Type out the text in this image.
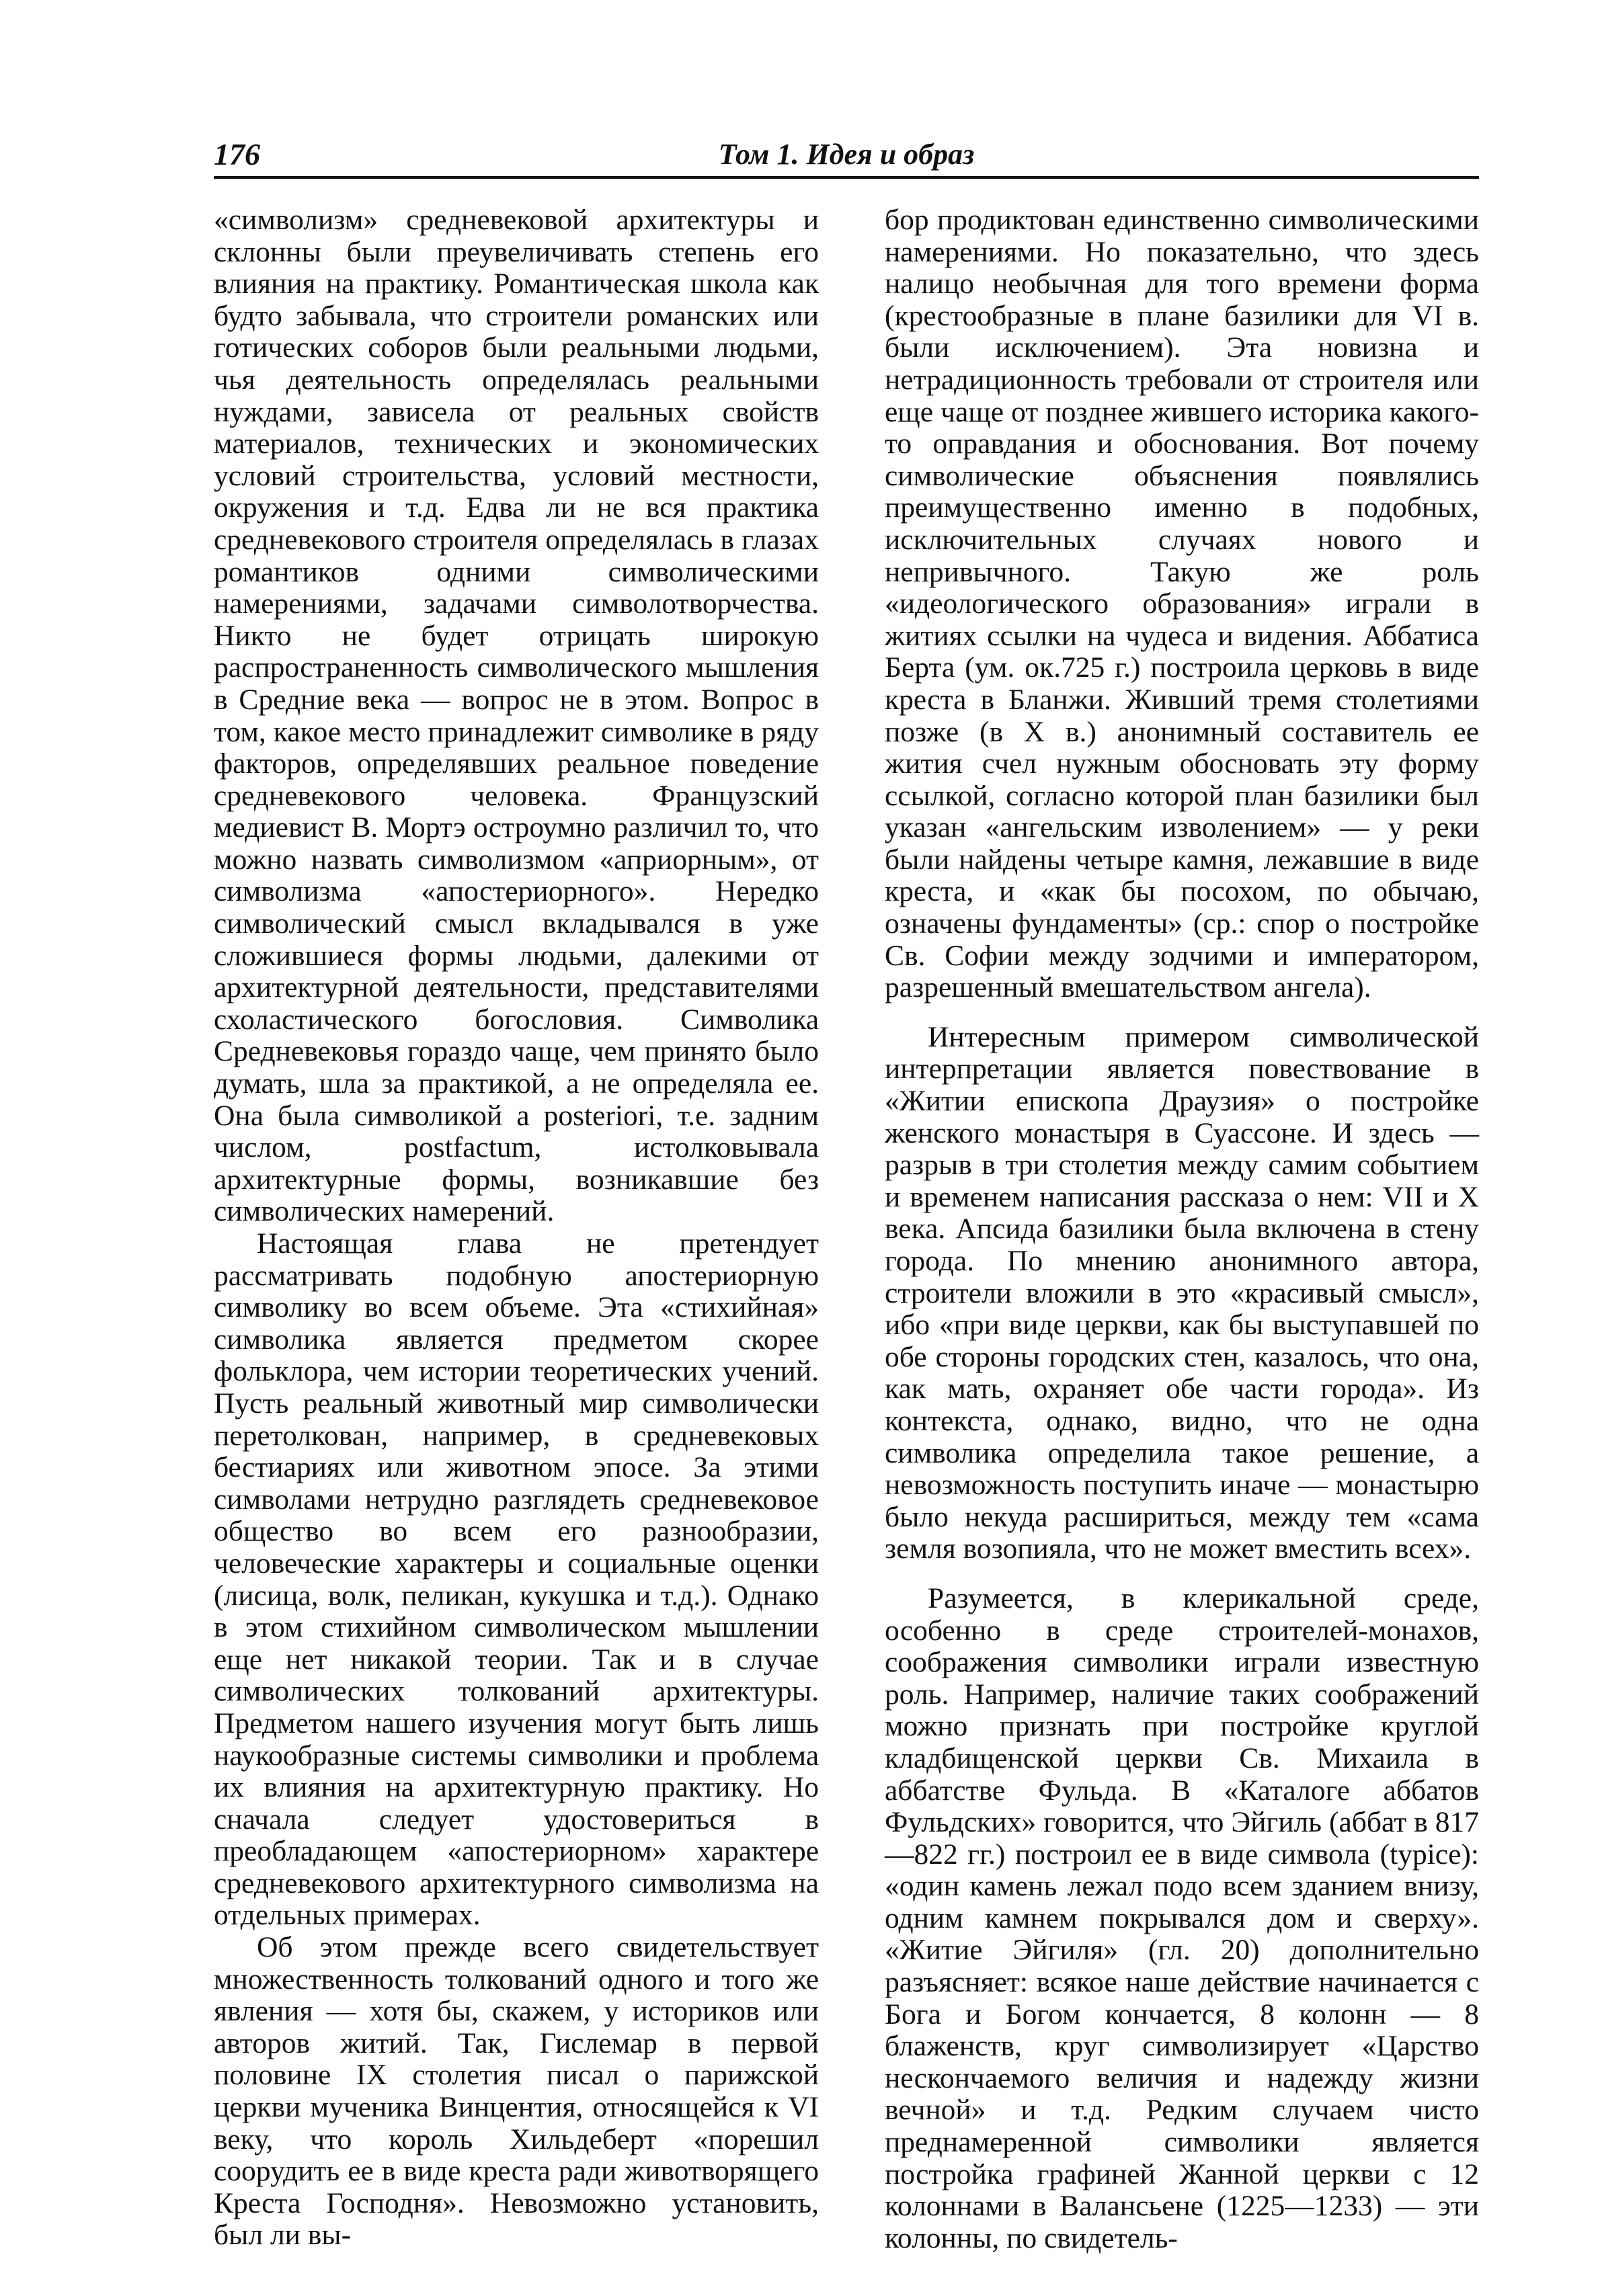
176	Том 1. Идея и образ

«символизм» средневековой архитектуры и склонны были преувеличивать степень его влияния на практику. Романтическая школа как будто забывала, что строители романских или готических соборов были реальными людьми, чья деятельность определялась реальными нуждами, зависела от реальных свойств материалов, технических и экономических условий строительства, условий местности, окружения и т.д. Едва ли не вся практика средневекового строителя определялась в глазах романтиков одними символическими намерениями, задачами символотворчества. Никто не будет отрицать широкую распространенность символического мышления в Средние века — вопрос не в этом. Вопрос в том, какое место принадлежит символике в ряду факторов, определявших реальное поведение средневекового человека. Французский медиевист В. Мортэ остроумно различил то, что можно назвать символизмом «априорным», от символизма «апостериорного». Нередко символический смысл вкладывался в уже сложившиеся формы людьми, далекими от архитектурной деятельности, представителями схоластического богословия. Символика Средневековья гораздо чаще, чем принято было думать, шла за практикой, а не определяла ее. Она была символикой a posteriori, т.е. задним числом, postfactum, истолковывала архитектурные формы, возникавшие без символических намерений.

Настоящая глава не претендует рассматривать подобную апостериорную символику во всем объеме. Эта «стихийная» символика является предметом скорее фольклора, чем истории теоретических учений. Пусть реальный животный мир символически перетолкован, например, в средневековых бестиариях или животном эпосе. За этими символами нетрудно разглядеть средневековое общество во всем его разнообразии, человеческие характеры и социальные оценки (лисица, волк, пеликан, кукушка и т.д.). Однако в этом стихийном символическом мышлении еще нет никакой теории. Так и в случае символических толкований архитектуры. Предметом нашего изучения могут быть лишь наукообразные системы символики и проблема их влияния на архитектурную практику. Но сначала следует удостовериться в преобладающем «апостериорном» характере средневекового архитектурного символизма на отдельных примерах.

Об этом прежде всего свидетельствует множественность толкований одного и того же явления — хотя бы, скажем, у историков или авторов житий. Так, Гислемар в первой половине IX столетия писал о парижской церкви мученика Винцентия, относящейся к VI веку, что король Хильдеберт «порешил соорудить ее в виде креста ради животворящего Креста Господня». Невозможно установить, был ли вы-

бор продиктован единственно символическими намерениями. Но показательно, что здесь налицо необычная для того времени форма (крестообразные в плане базилики для VI в. были исключением). Эта новизна и нетрадиционность требовали от строителя или еще чаще от позднее жившего историка какого-то оправдания и обоснования. Вот почему символические объяснения появлялись преимущественно именно в подобных, исключительных случаях нового и непривычного. Такую же роль «идеологического образования» играли в житиях ссылки на чудеса и видения. Аббатиса Берта (ум. ок.725 г.) построила церковь в виде креста в Бланжи. Живший тремя столетиями позже (в X в.) анонимный составитель ее жития счел нужным обосновать эту форму ссылкой, согласно которой план базилики был указан «ангельским изволением» — у реки были найдены четыре камня, лежавшие в виде креста, и «как бы посохом, по обычаю, означены фундаменты» (ср.: спор о постройке Св. Софии между зодчими и императором, разрешенный вмешательством ангела).

Интересным примером символической интерпретации является повествование в «Житии епископа Драузия» о постройке женского монастыря в Суассоне. И здесь — разрыв в три столетия между самим событием и временем написания рассказа о нем: VII и X века. Апсида базилики была включена в стену города. По мнению анонимного автора, строители вложили в это «красивый смысл», ибо «при виде церкви, как бы выступавшей по обе стороны городских стен, казалось, что она, как мать, охраняет обе части города». Из контекста, однако, видно, что не одна символика определила такое решение, а невозможность поступить иначе — монастырю было некуда расшириться, между тем «сама земля возопияла, что не может вместить всех».

Разумеется, в клерикальной среде, особенно в среде строителей-монахов, соображения символики играли известную роль. Например, наличие таких соображений можно признать при постройке круглой кладбищенской церкви Св. Михаила в аббатстве Фульда. В «Каталоге аббатов Фульдских» говорится, что Эйгиль (аббат в 817—822 гг.) построил ее в виде символа (typice): «один камень лежал подо всем зданием внизу, одним камнем покрывался дом и сверху». «Житие Эйгиля» (гл. 20) дополнительно разъясняет: всякое наше действие начинается с Бога и Богом кончается, 8 колонн — 8 блаженств, круг символизирует «Царство нескончаемого величия и надежду жизни вечной» и т.д. Редким случаем чисто преднамеренной символики является постройка графиней Жанной церкви с 12 колоннами в Валансьене (1225—1233) — эти колонны, по свидетель-
